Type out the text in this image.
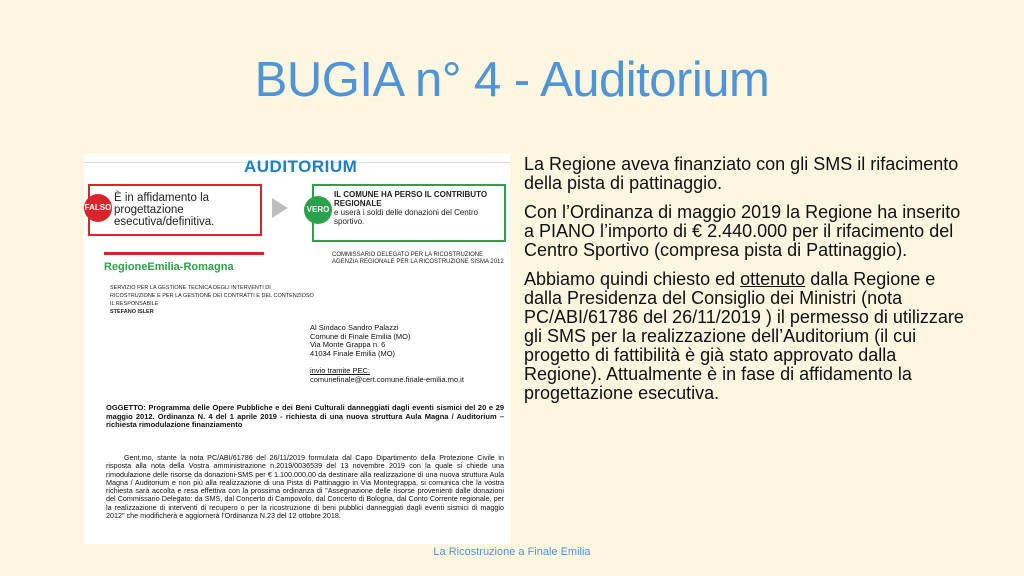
BUGIA n° 4 - Auditorium
AUDITORIUM
È in affidamento la progettazione esecutiva/definitiva.
FALSO
IL COMUNE HA PERSO IL CONTRIBUTO REGIONALE
e userà i soldi delle donazioni del Centro sportivo.
VERO
RegioneEmilia-Romagna
COMMISSARIO DELEGATO PER LA RICOSTRUZIONE
AGENZIA REGIONALE PER LA RICOSTRUZIONE SISMA 2012
SERVIZIO PER LA GESTIONE TECNICA DEGLI INTERVENTI DI
RICOSTRUZIONE E PER LA GESTIONE DEI CONTRATTI E DEL CONTENZIOSO
IL RESPONSABILE
STEFANO ISLER
Al Sindaco Sandro Palazzi
Comune di Finale Emilia (MO)
Via Monte Grappa n. 6
41034 Finale Emilia (MO)
invio tramite PEC:
comunefinale@cert.comune.finale-emilia.mo.it
OGGETTO: Programma delle Opere Pubbliche e dei Beni Culturali danneggiati dagli eventi sismici del 20 e 29 maggio 2012. Ordinanza N. 4 del 1 aprile 2019 - richiesta di una nuova struttura Aula Magna / Auditorium – richiesta rimodulazione finanziamento
Gent.mo, stante la nota PC/ABI/61786 del 26/11/2019 formulata dal Capo Dipartimento della Protezione Civile in risposta alla nota della Vostra amministrazione n.2019/0036539 del 13 novembre 2019 con la quale si chiede una rimodulazione delle risorse da donazioni-SMS per € 1.100.000,00 da destinare alla realizzazione di una nuova struttura Aula Magna / Auditorium e non più alla realizzazione di una Pista di Pattinaggio in Via Montegrappa, si comunica che la vostra richiesta sarà accolta e resa effettiva con la prossima ordinanza di "Assegnazione delle risorse provenienti dalle donazioni del Commissario Delegato: da SMS, dal Concerto di Campovolo, dal Concerto di Bologna, dal Conto Corrente regionale, per la realizzazione di interventi di recupero o per la ricostruzione di beni pubblici danneggiati dagli eventi sismici di maggio 2012" che modificherà e aggiornerà l'Ordinanza N.23 del 12 ottobre 2018.

La Regione aveva finanziato con gli SMS il rifacimento della pista di pattinaggio.

Con l’Ordinanza di maggio 2019 la Regione ha inserito a PIANO l’importo di € 2.440.000 per il rifacimento del Centro Sportivo (compresa pista di Pattinaggio).

Abbiamo quindi chiesto ed ottenuto dalla Regione e dalla Presidenza del Consiglio dei Ministri (nota PC/ABI/61786 del 26/11/2019 ) il permesso di utilizzare gli SMS per la realizzazione dell’Auditorium (il cui progetto di fattibilità è già stato approvato dalla Regione). Attualmente è in fase di affidamento la progettazione esecutiva.

La Ricostruzione a Finale Emilia
